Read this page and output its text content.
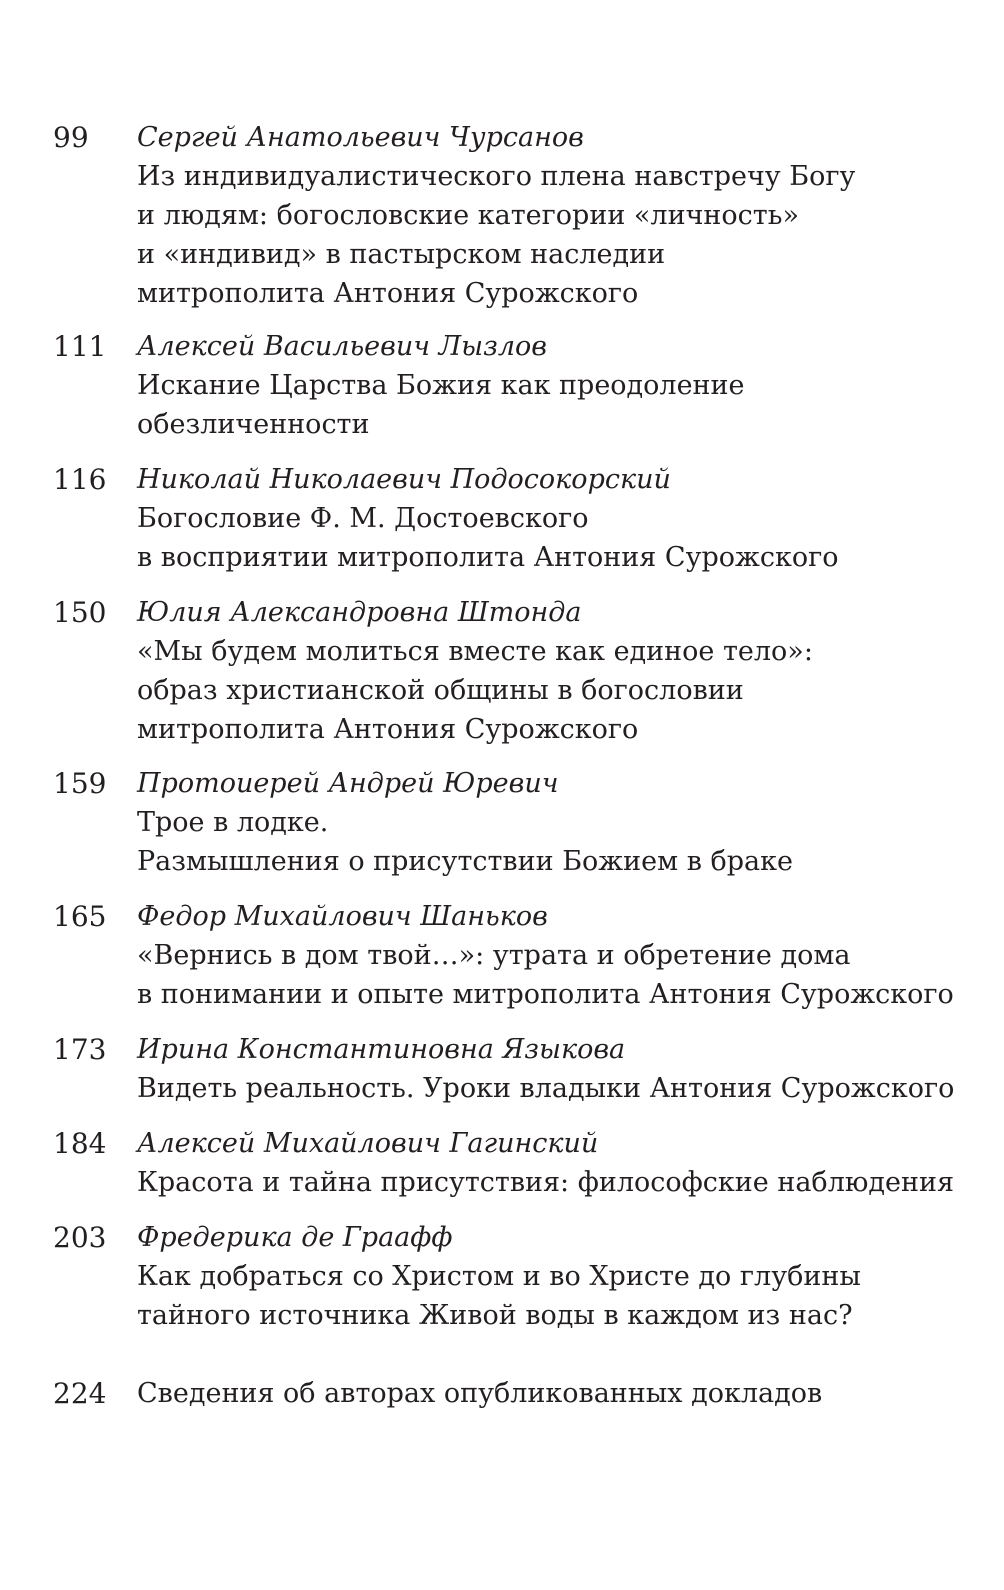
99 Сергей Анатольевич Чурсанов
Из индивидуалистического плена навстречу Богу
и людям: богословские категории «личность»
и «индивид» в пастырском наследии
митрополита Антония Сурожского
111 Алексей Васильевич Лызлов
Искание Царства Божия как преодоление
обезличенности
116 Николай Николаевич Подосокорский
Богословие Ф. М. Достоевского
в восприятии митрополита Антония Сурожского
150 Юлия Александровна Штонда
«Мы будем молиться вместе как единое тело»:
образ христианской общины в богословии
митрополита Антония Сурожского
159 Протоиерей Андрей Юревич
Трое в лодке.
Размышления о присутствии Божием в браке
165 Федор Михайлович Шаньков
«Вернись в дом твой…»: утрата и обретение дома
в понимании и опыте митрополита Антония Сурожского
173 Ирина Константиновна Языкова
Видеть реальность. Уроки владыки Антония Сурожского
184 Алексей Михайлович Гагинский
Красота и тайна присутствия: философские наблюдения
203 Фредерика де Граафф
Как добраться со Христом и во Христе до глубины
тайного источника Живой воды в каждом из нас?
224 Сведения об авторах опубликованных докладов
